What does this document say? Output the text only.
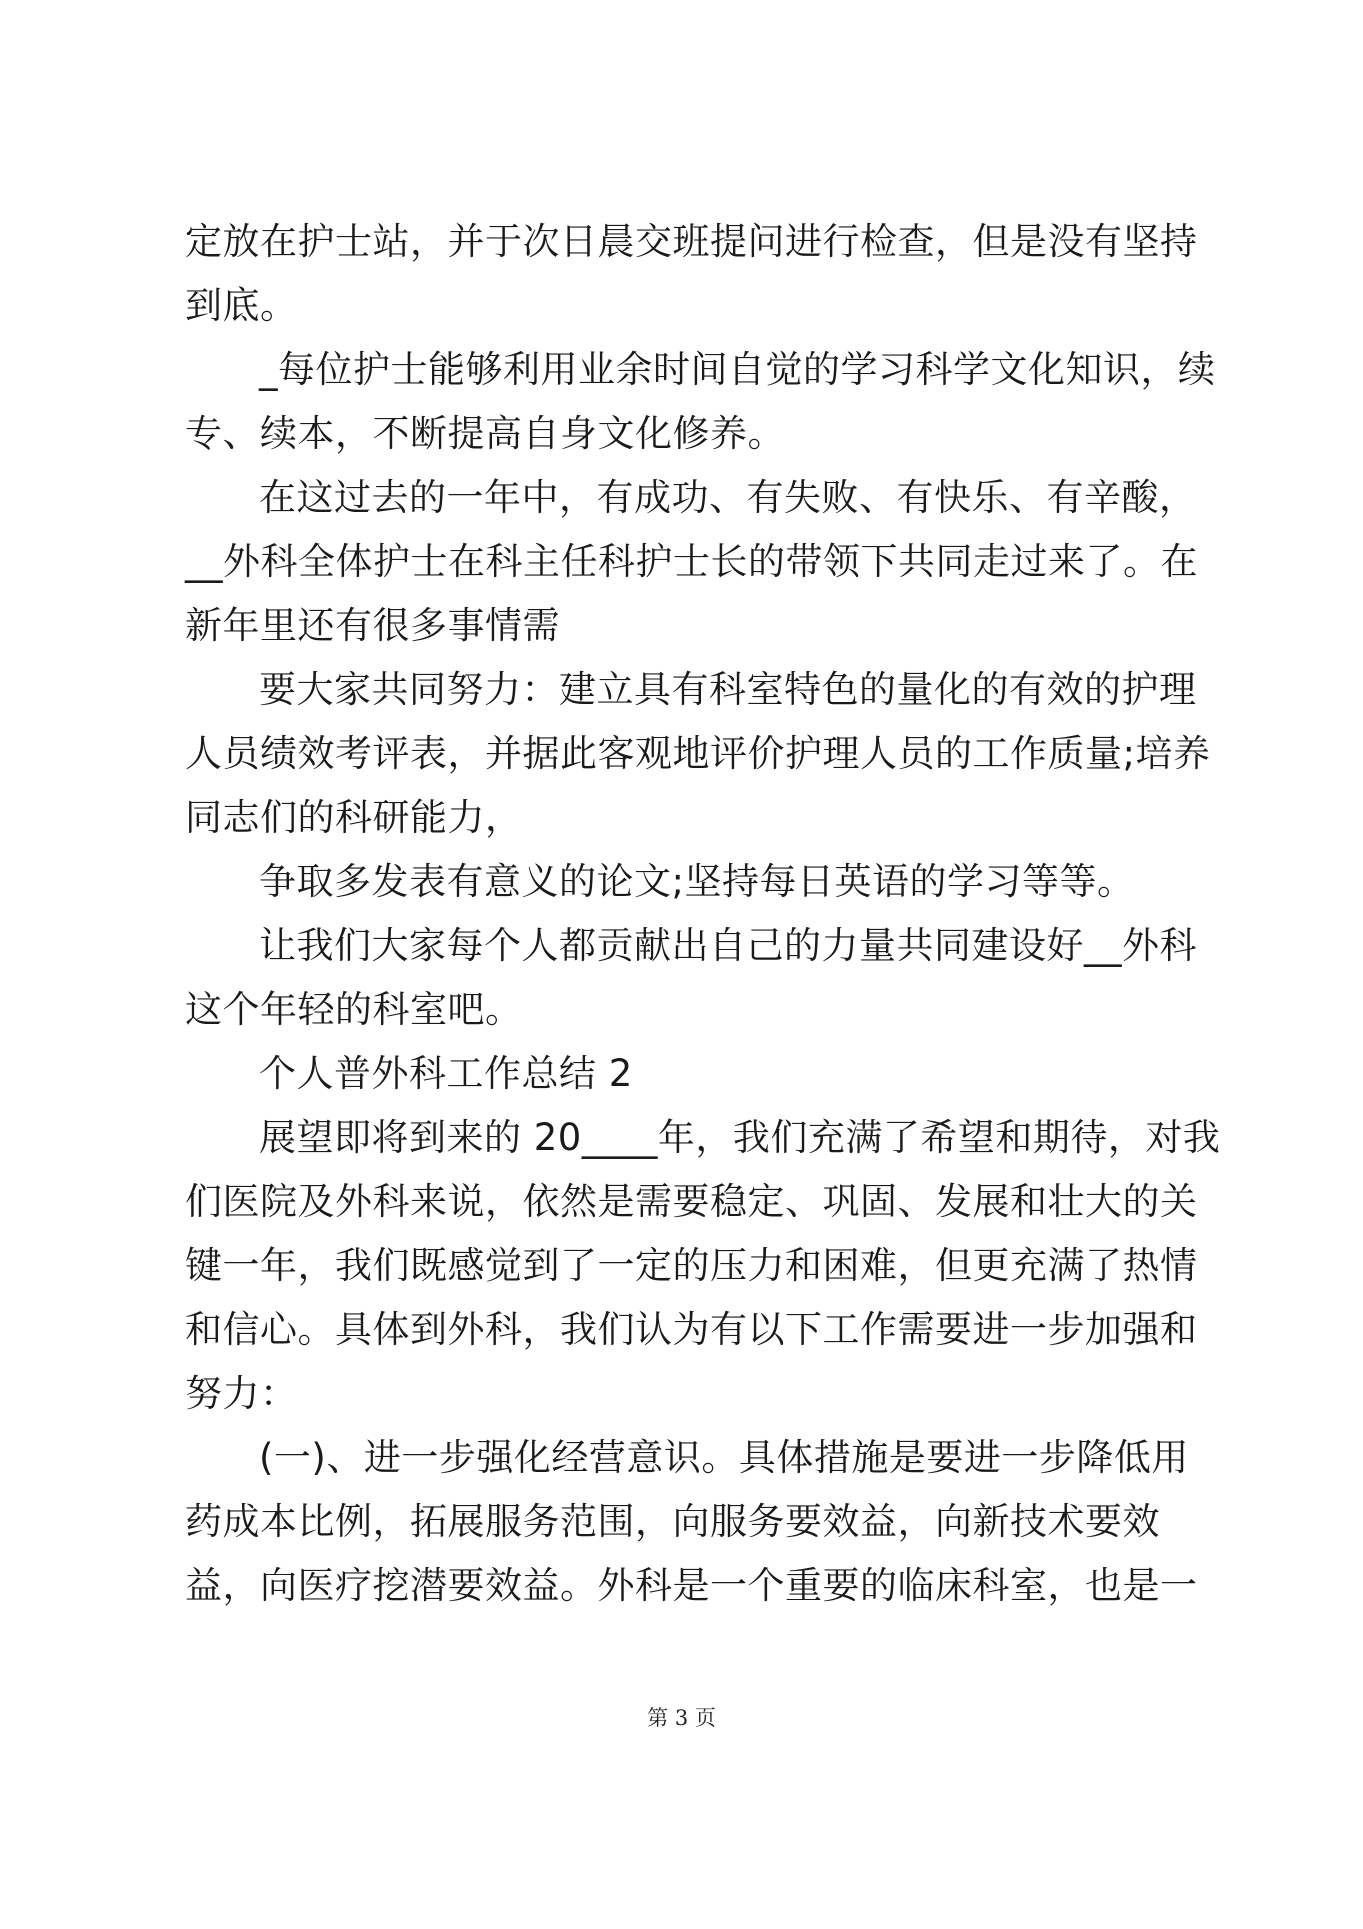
定放在护士站，并于次日晨交班提问进行检查，但是没有坚持
到底。
_每位护士能够利用业余时间自觉的学习科学文化知识，续
专、续本，不断提高自身文化修养。
在这过去的一年中，有成功、有失败、有快乐、有辛酸，
__外科全体护士在科主任科护士长的带领下共同走过来了。在
新年里还有很多事情需
要大家共同努力：建立具有科室特色的量化的有效的护理
人员绩效考评表，并据此客观地评价护理人员的工作质量;培养
同志们的科研能力，
争取多发表有意义的论文;坚持每日英语的学习等等。
让我们大家每个人都贡献出自己的力量共同建设好__外科
这个年轻的科室吧。
个人普外科工作总结 2
展望即将到来的 20____年，我们充满了希望和期待，对我
们医院及外科来说，依然是需要稳定、巩固、发展和壮大的关
键一年，我们既感觉到了一定的压力和困难，但更充满了热情
和信心。具体到外科，我们认为有以下工作需要进一步加强和
努力：
(一)、进一步强化经营意识。具体措施是要进一步降低用
药成本比例，拓展服务范围，向服务要效益，向新技术要效
益，向医疗挖潜要效益。外科是一个重要的临床科室，也是一
第 3 页
